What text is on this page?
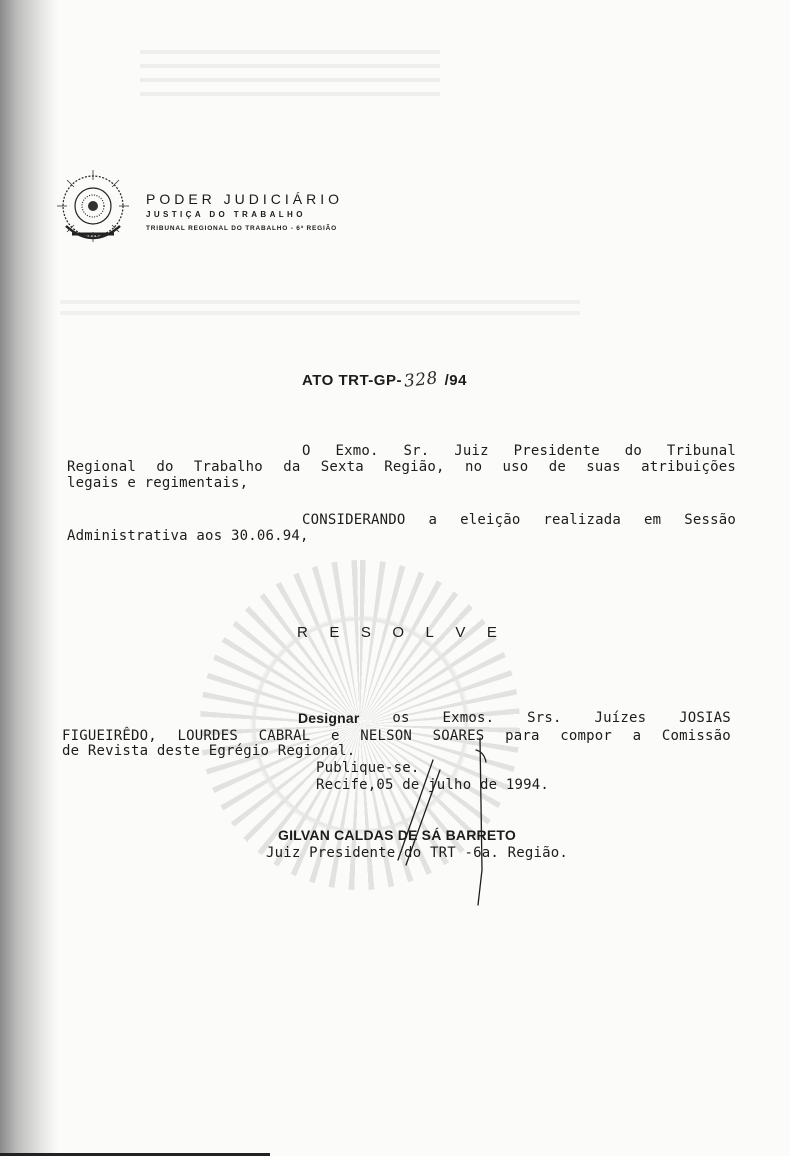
PODER JUDICIÁRIO
JUSTIÇA DO TRABALHO
TRIBUNAL REGIONAL DO TRABALHO - 6ª REGIÃO
ATO TRT-GP-328 /94
O Exmo. Sr. Juiz Presidente do Tribunal
Regional do Trabalho da Sexta Região, no uso de suas atribuições
legais e regimentais,
CONSIDERANDO a eleição realizada em Sessão
Administrativa aos 30.06.94,
R E S O L V E
Designar os Exmos. Srs. Juízes JOSIAS
FIGUEIRÊDO, LOURDES CABRAL e NELSON SOARES para compor a Comissão
de Revista deste Egrégio Regional.
Publique-se.
Recife,05 de julho de 1994.
GILVAN CALDAS DE SÁ BARRETO
Juiz Presidente do TRT -6a. Região.
